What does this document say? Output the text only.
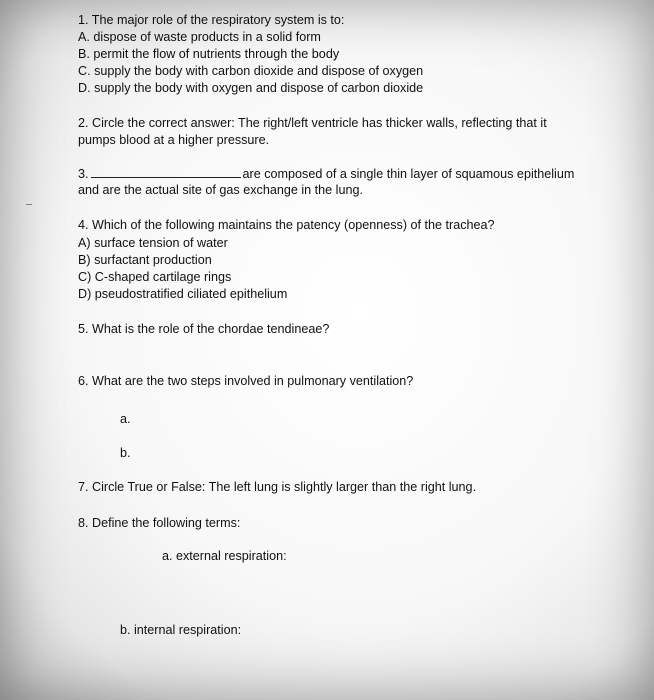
1. The major role of the respiratory system is to:
A. dispose of waste products in a solid form
B. permit the flow of nutrients through the body
C. supply the body with carbon dioxide and dispose of oxygen
D. supply the body with oxygen and dispose of carbon dioxide
2. Circle the correct answer: The right/left ventricle has thicker walls, reflecting that it
pumps blood at a higher pressure.
3.	are composed of a single thin layer of squamous epithelium
and are the actual site of gas exchange in the lung.
4. Which of the following maintains the patency (openness) of the trachea?
A) surface tension of water
B) surfactant production
C) C-shaped cartilage rings
D) pseudostratified ciliated epithelium
5. What is the role of the chordae tendineae?
6. What are the two steps involved in pulmonary ventilation?
a.
b.
7. Circle True or False: The left lung is slightly larger than the right lung.
8. Define the following terms:
a. external respiration:
b. internal respiration:
